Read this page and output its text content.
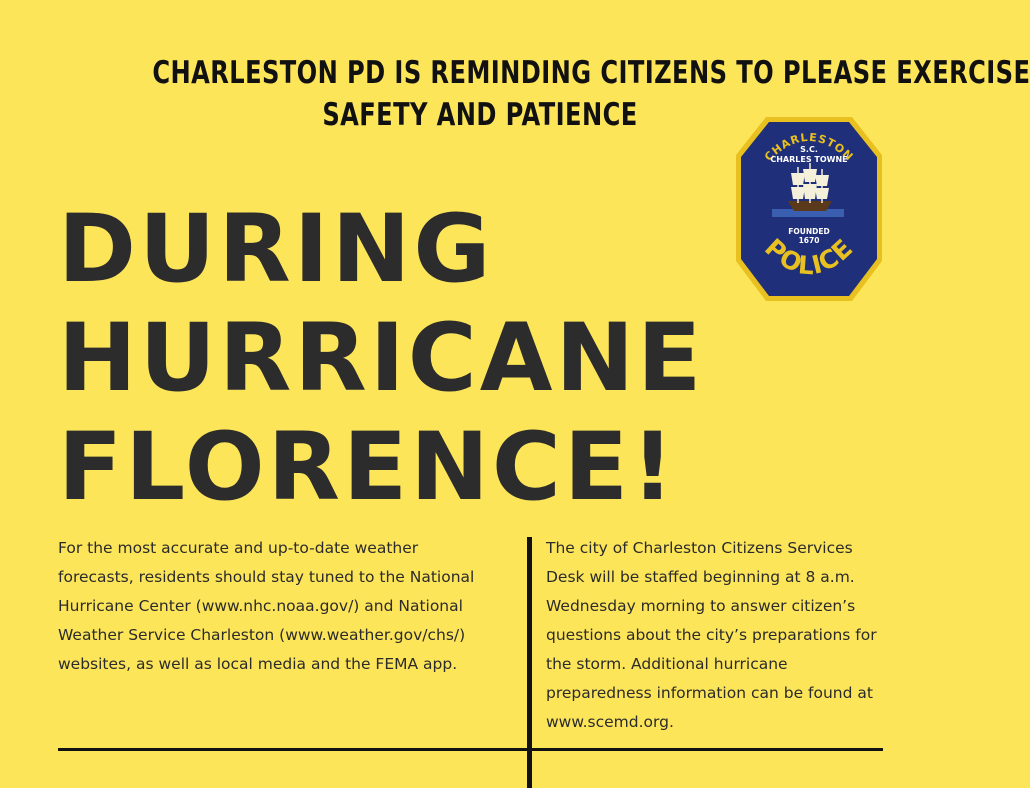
CHARLESTON PD IS REMINDING CITIZENS TO PLEASE EXERCISE
SAFETY AND PATIENCE
DURING
HURRICANE
FLORENCE!
CHARLESTON
S.C.
CHARLES TOWNE
FOUNDED
1670
POLICE
For the most accurate and up-to-date weather
forecasts, residents should stay tuned to the National
Hurricane Center (www.nhc.noaa.gov/) and National
Weather Service Charleston (www.weather.gov/chs/)
websites, as well as local media and the FEMA app.
The city of Charleston Citizens Services
Desk will be staffed beginning at 8 a.m.
Wednesday morning to answer citizen’s
questions about the city’s preparations for
the storm. Additional hurricane
preparedness information can be found at
www.scemd.org.
